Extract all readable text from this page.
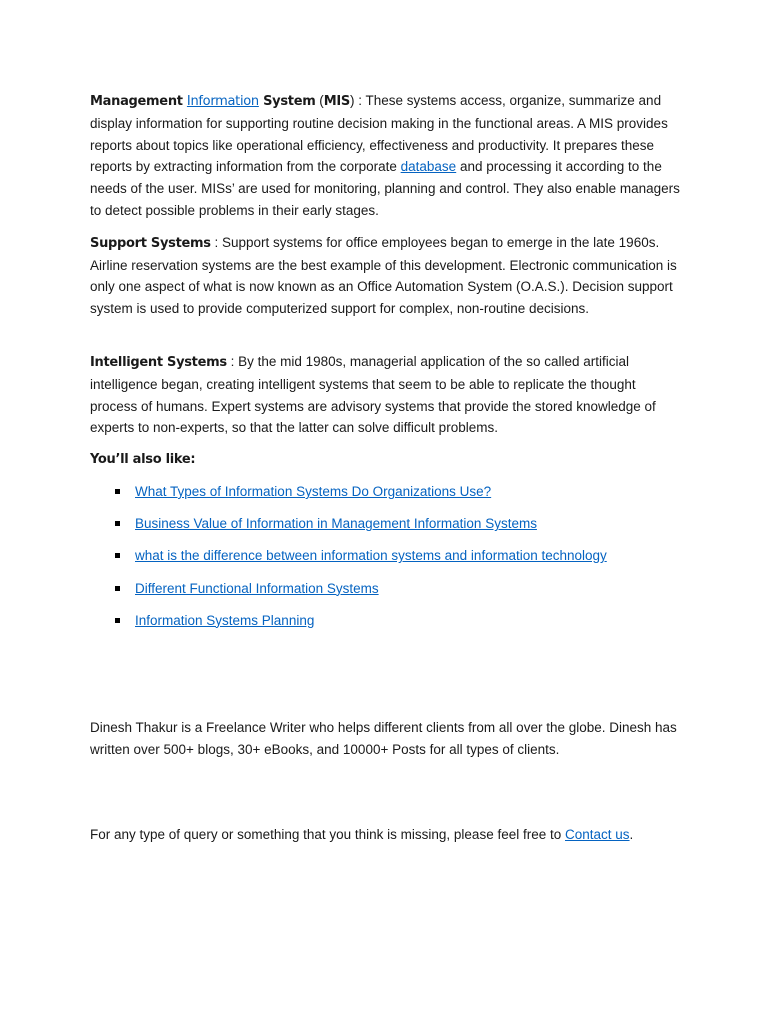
Management Information System (MIS) : These systems access, organize, summarize and display information for supporting routine decision making in the functional areas. A MIS provides reports about topics like operational efficiency, effectiveness and productivity. It prepares these reports by extracting information from the corporate database and processing it according to the needs of the user. MISs’ are used for monitoring, planning and control. They also enable managers to detect possible problems in their early stages.

Support Systems : Support systems for office employees began to emerge in the late 1960s. Airline reservation systems are the best example of this development. Electronic communication is only one aspect of what is now known as an Office Automation System (O.A.S.). Decision support system is used to provide computerized support for complex, non-routine decisions.

Intelligent Systems : By the mid 1980s, managerial application of the so called artificial intelligence began, creating intelligent systems that seem to be able to replicate the thought process of humans. Expert systems are advisory systems that provide the stored knowledge of experts to non-experts, so that the latter can solve difficult problems.

You’ll also like:

What Types of Information Systems Do Organizations Use?
Business Value of Information in Management Information Systems
what is the difference between information systems and information technology
Different Functional Information Systems
Information Systems Planning

Dinesh Thakur is a Freelance Writer who helps different clients from all over the globe. Dinesh has written over 500+ blogs, 30+ eBooks, and 10000+ Posts for all types of clients.

For any type of query or something that you think is missing, please feel free to Contact us.
